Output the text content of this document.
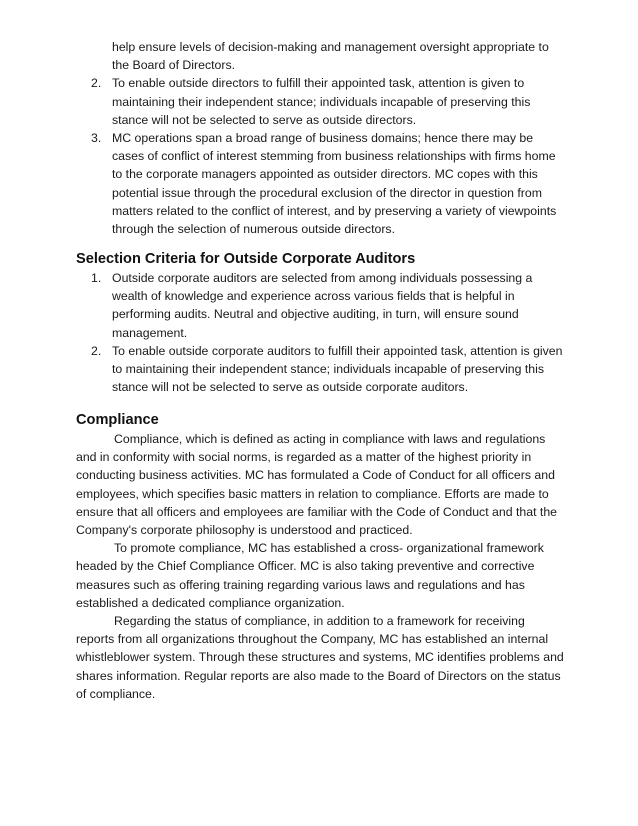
help ensure levels of decision-making and management oversight appropriate to the Board of Directors.

2. To enable outside directors to fulfill their appointed task, attention is given to maintaining their independent stance; individuals incapable of preserving this stance will not be selected to serve as outside directors.

3. MC operations span a broad range of business domains; hence there may be cases of conflict of interest stemming from business relationships with firms home to the corporate managers appointed as outsider directors. MC copes with this potential issue through the procedural exclusion of the director in question from matters related to the conflict of interest, and by preserving a variety of viewpoints through the selection of numerous outside directors.

Selection Criteria for Outside Corporate Auditors

1. Outside corporate auditors are selected from among individuals possessing a wealth of knowledge and experience across various fields that is helpful in performing audits. Neutral and objective auditing, in turn, will ensure sound management.

2. To enable outside corporate auditors to fulfill their appointed task, attention is given to maintaining their independent stance; individuals incapable of preserving this stance will not be selected to serve as outside corporate auditors.

Compliance

Compliance, which is defined as acting in compliance with laws and regulations and in conformity with social norms, is regarded as a matter of the highest priority in conducting business activities. MC has formulated a Code of Conduct for all officers and employees, which specifies basic matters in relation to compliance. Efforts are made to ensure that all officers and employees are familiar with the Code of Conduct and that the Company's corporate philosophy is understood and practiced.

To promote compliance, MC has established a cross- organizational framework headed by the Chief Compliance Officer. MC is also taking preventive and corrective measures such as offering training regarding various laws and regulations and has established a dedicated compliance organization.

Regarding the status of compliance, in addition to a framework for receiving reports from all organizations throughout the Company, MC has established an internal whistleblower system. Through these structures and systems, MC identifies problems and shares information. Regular reports are also made to the Board of Directors on the status of compliance.
